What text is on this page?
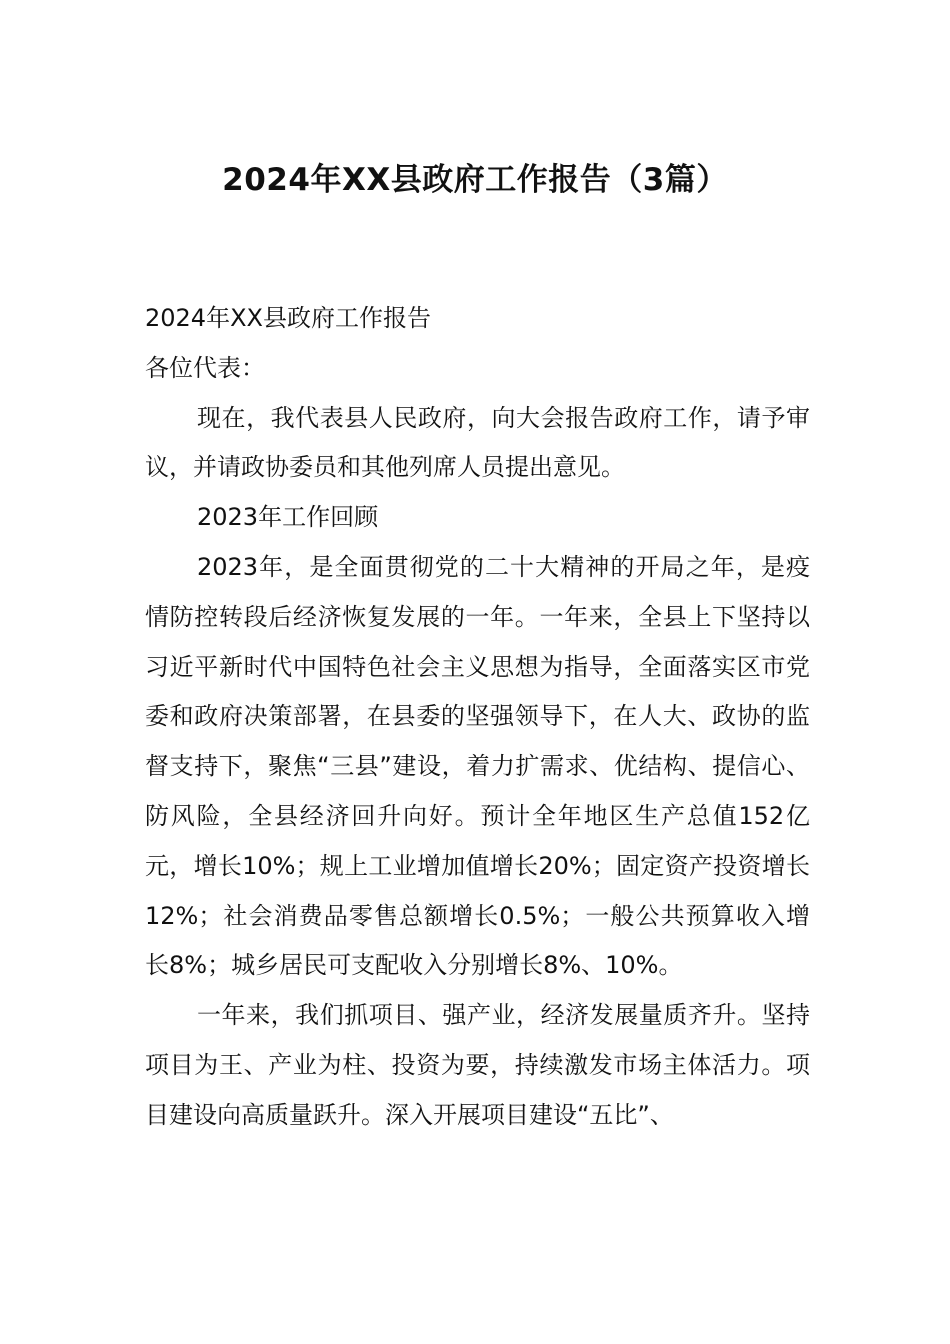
2024年XX县政府工作报告（3篇）

2024年XX县政府工作报告

各位代表：

现在，我代表县人民政府，向大会报告政府工作，请予审议，并请政协委员和其他列席人员提出意见。

2023年工作回顾

2023年，是全面贯彻党的二十大精神的开局之年，是疫情防控转段后经济恢复发展的一年。一年来，全县上下坚持以习近平新时代中国特色社会主义思想为指导，全面落实区市党委和政府决策部署，在县委的坚强领导下，在人大、政协的监督支持下，聚焦“三县”建设，着力扩需求、优结构、提信心、防风险，全县经济回升向好。预计全年地区生产总值152亿元，增长10%；规上工业增加值增长20%；固定资产投资增长12%；社会消费品零售总额增长0.5%；一般公共预算收入增长8%；城乡居民可支配收入分别增长8%、10%。

一年来，我们抓项目、强产业，经济发展量质齐升。坚持项目为王、产业为柱、投资为要，持续激发市场主体活力。项目建设向高质量跃升。深入开展项目建设“五比”、
